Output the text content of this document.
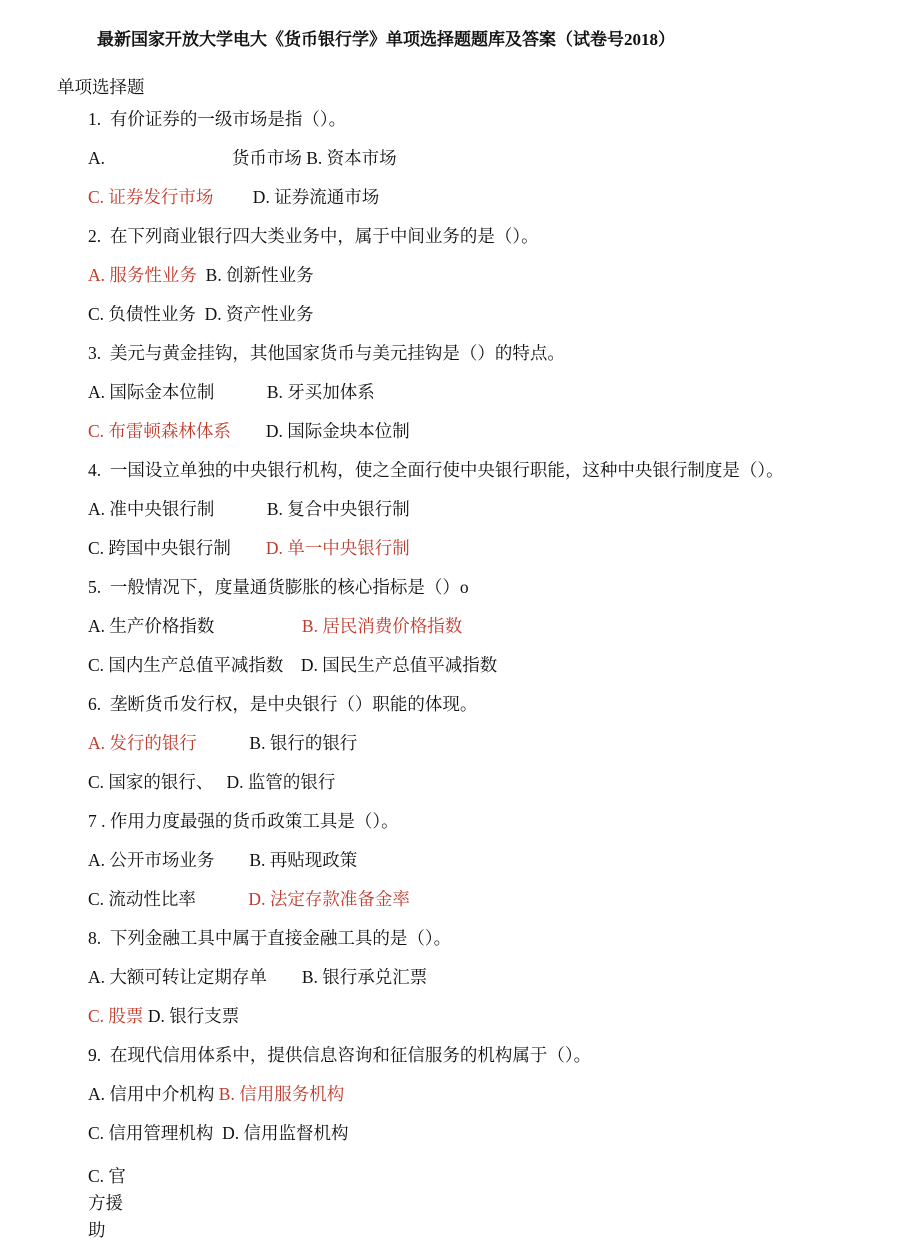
最新国家开放大学电大《货币银行学》单项选择题题库及答案（试卷号2018）
单项选择题
1.  有价证券的一级市场是指（）。
A.　　　　　　　 货币市场 B. 资本市场
C. 证券发行市场　　 D. 证券流通市场
2.  在下列商业银行四大类业务中，属于中间业务的是（）。
A. 服务性业务  B. 创新性业务
C. 负债性业务  D. 资产性业务
3.  美元与黄金挂钩，其他国家货币与美元挂钩是（）的特点。
A. 国际金本位制　　　B. 牙买加体系
C. 布雷顿森林体系　　D. 国际金块本位制
4.  一国设立单独的中央银行机构，使之全面行使中央银行职能，这种中央银行制度是（）。
A. 准中央银行制　　　B. 复合中央银行制
C. 跨国中央银行制　　D. 单一中央银行制
5.  一般情况下，度量通货膨胀的核心指标是（）o
A. 生产价格指数　　　　　B. 居民消费价格指数
C. 国内生产总值平减指数　D. 国民生产总值平减指数
6.  垄断货币发行权，是中央银行（）职能的体现。
A. 发行的银行　　　B. 银行的银行
C. 国家的银行、　 D. 监管的银行
7 . 作用力度最强的货币政策工具是（）。
A. 公开市场业务　　B. 再贴现政策
C. 流动性比率　　　D. 法定存款准备金率
8.  下列金融工具中属于直接金融工具的是（）。
A. 大额可转让定期存单　　B. 银行承兑汇票
C. 股票 D. 银行支票
9.  在现代信用体系中，提供信息咨询和征信服务的机构属于（）。
A. 信用中介机构 B. 信用服务机构
C. 信用管理机构  D. 信用监督机构
C. 官
方援
助
